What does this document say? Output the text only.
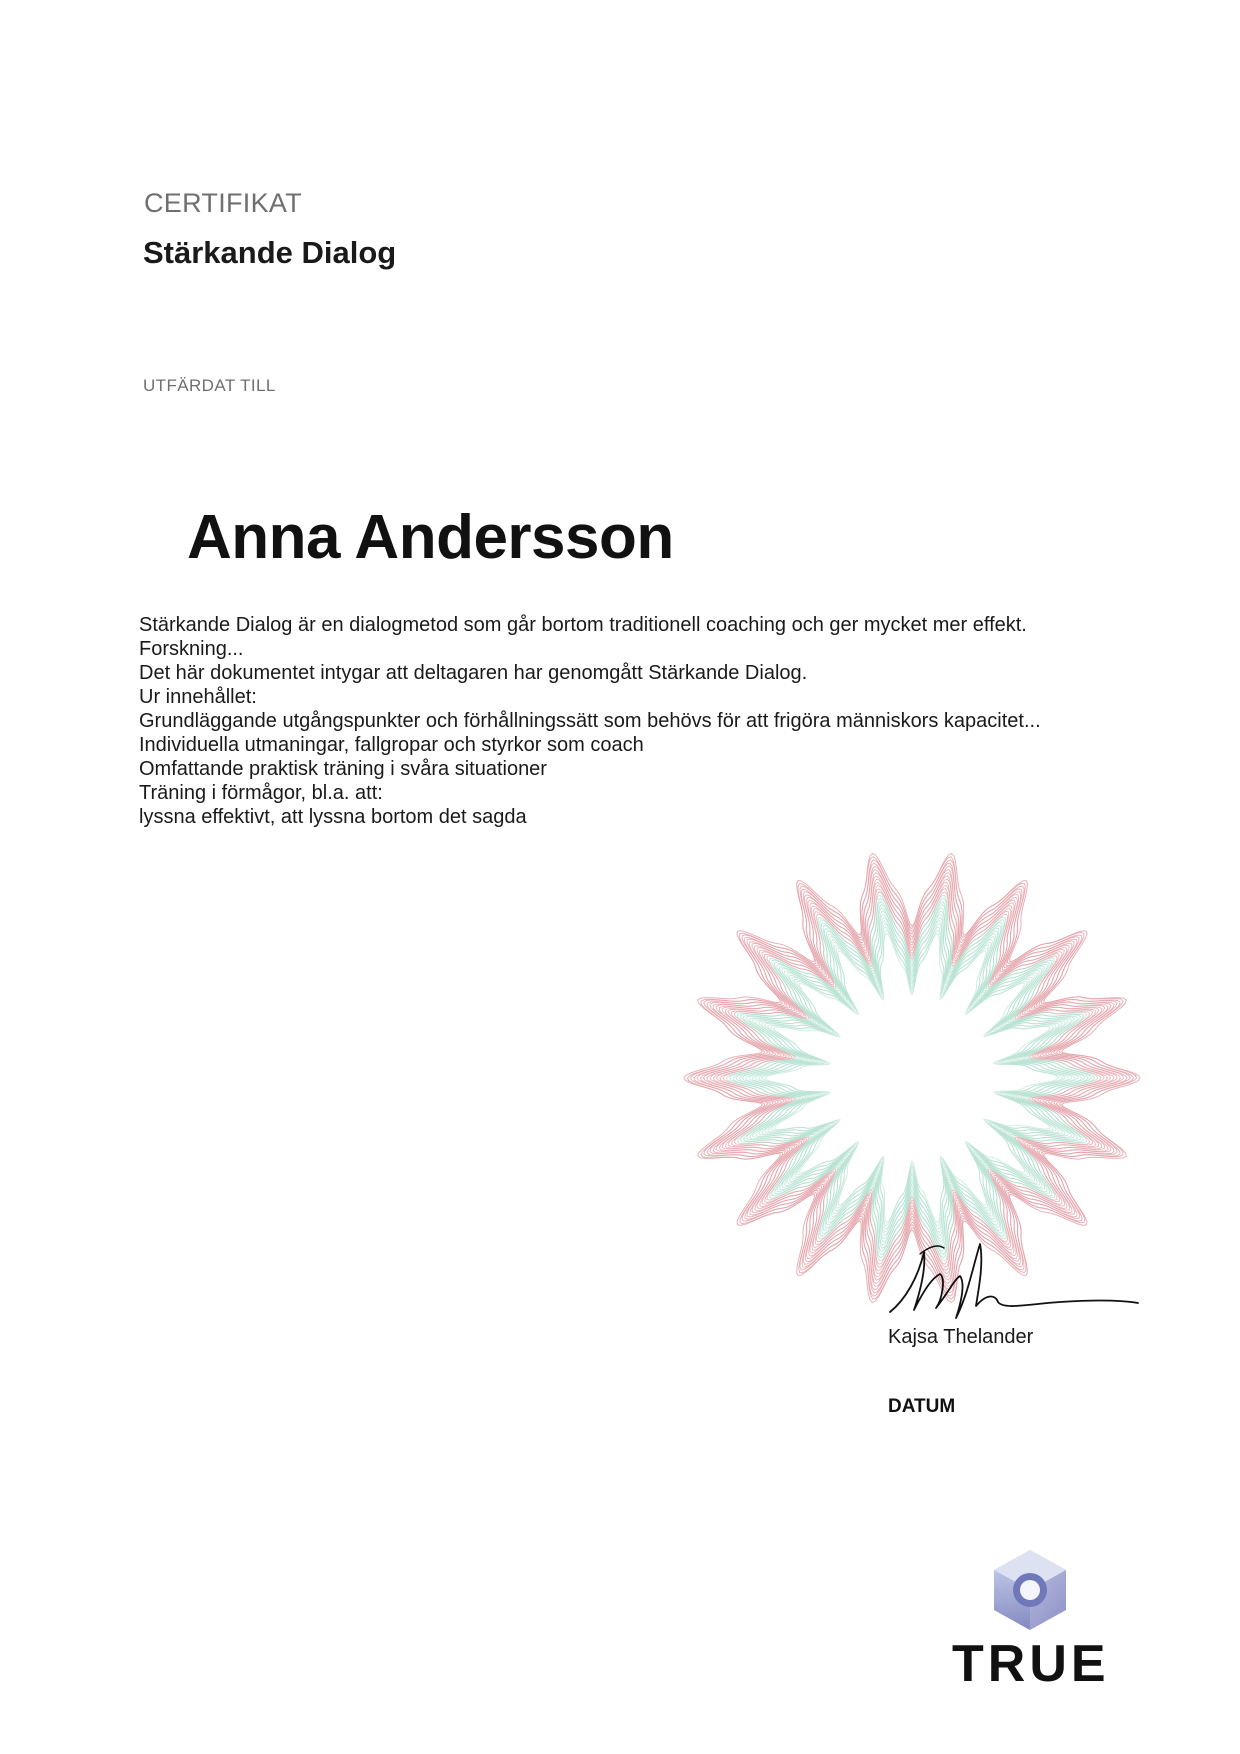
CERTIFIKAT
Stärkande Dialog
UTFÄRDAT TILL
Anna Andersson
Stärkande Dialog är en dialogmetod som går bortom traditionell coaching och ger mycket mer effekt.
Forskning...
Det här dokumentet intygar att deltagaren har genomgått Stärkande Dialog.
Ur innehållet:
Grundläggande utgångspunkter och förhållningssätt som behövs för att frigöra människors kapacitet...
Individuella utmaningar, fallgropar och styrkor som coach
Omfattande praktisk träning i svåra situationer
Träning i förmågor, bl.a. att:
lyssna effektivt, att lyssna bortom det sagda
Kajsa Thelander
DATUM
TRUE
